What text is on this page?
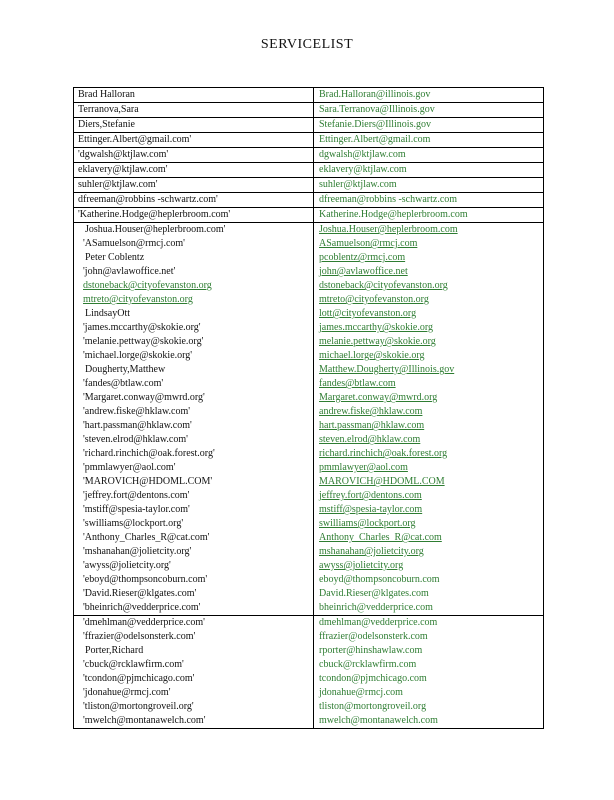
SERVICELIST
Brad Halloran	Brad.Halloran@illinois.gov
Terranova,Sara	Sara.Terranova@Illinois.gov
Diers,Stefanie	Stefanie.Diers@Illinois.gov
Ettinger.Albert@gmail.com'	Ettinger.Albert@gmail.com
'dgwalsh@ktjlaw.com'	dgwalsh@ktjlaw.com
eklavery@ktjlaw.com'	eklavery@ktjlaw.com
suhler@ktjlaw.com'	suhler@ktjlaw.com
dfreeman@robbins -schwartz.com'	dfreeman@robbins -schwartz.com
'Katherine.Hodge@heplerbroom.com'	Katherine.Hodge@heplerbroom.com
Joshua.Houser@heplerbroom.com'	Joshua.Houser@heplerbroom.com
'ASamuelson@rmcj.com'	ASamuelson@rmcj.com
Peter Coblentz	pcoblentz@rmcj.com
'john@avlawoffice.net'	john@avlawoffice.net
dstoneback@cityofevanston.org	dstoneback@cityofevanston.org
mtreto@cityofevanston.org	mtreto@cityofevanston.org
LindsayOtt	lott@cityofevanston.org
'james.mccarthy@skokie.org'	james.mccarthy@skokie.org
'melanie.pettway@skokie.org'	melanie.pettway@skokie.org
'michael.lorge@skokie.org'	michael.lorge@skokie.org
Dougherty,Matthew	Matthew.Dougherty@Illinois.gov
'fandes@btlaw.com'	fandes@btlaw.com
'Margaret.conway@mwrd.org'	Margaret.conway@mwrd.org
'andrew.fiske@hklaw.com'	andrew.fiske@hklaw.com
'hart.passman@hklaw.com'	hart.passman@hklaw.com
'steven.elrod@hklaw.com'	steven.elrod@hklaw.com
'richard.rinchich@oak.forest.org'	richard.rinchich@oak.forest.org
'pmmlawyer@aol.com'	pmmlawyer@aol.com
'MAROVICH@HDOML.COM'	MAROVICH@HDOML.COM
'jeffrey.fort@dentons.com'	jeffrey.fort@dentons.com
'mstiff@spesia-taylor.com'	mstiff@spesia-taylor.com
'swilliams@lockport.org'	swilliams@lockport.org
'Anthony_Charles_R@cat.com'	Anthony_Charles_R@cat.com
'mshanahan@jolietcity.org'	mshanahan@jolietcity.org
'awyss@jolietcity.org'	awyss@jolietcity.org
'eboyd@thompsoncoburn.com'	eboyd@thompsoncoburn.com
'David.Rieser@klgates.com'	David.Rieser@klgates.com
'bheinrich@vedderprice.com'	bheinrich@vedderprice.com
'dmehlman@vedderprice.com'	dmehlman@vedderprice.com
'ffrazier@odelsonsterk.com'	ffrazier@odelsonsterk.com
Porter,Richard	rporter@hinshawlaw.com
'cbuck@rcklawfirm.com'	cbuck@rcklawfirm.com
'tcondon@pjmchicago.com'	tcondon@pjmchicago.com
'jdonahue@rmcj.com'	jdonahue@rmcj.com
'tliston@mortongroveil.org'	tliston@mortongroveil.org
'mwelch@montanawelch.com'	mwelch@montanawelch.com
